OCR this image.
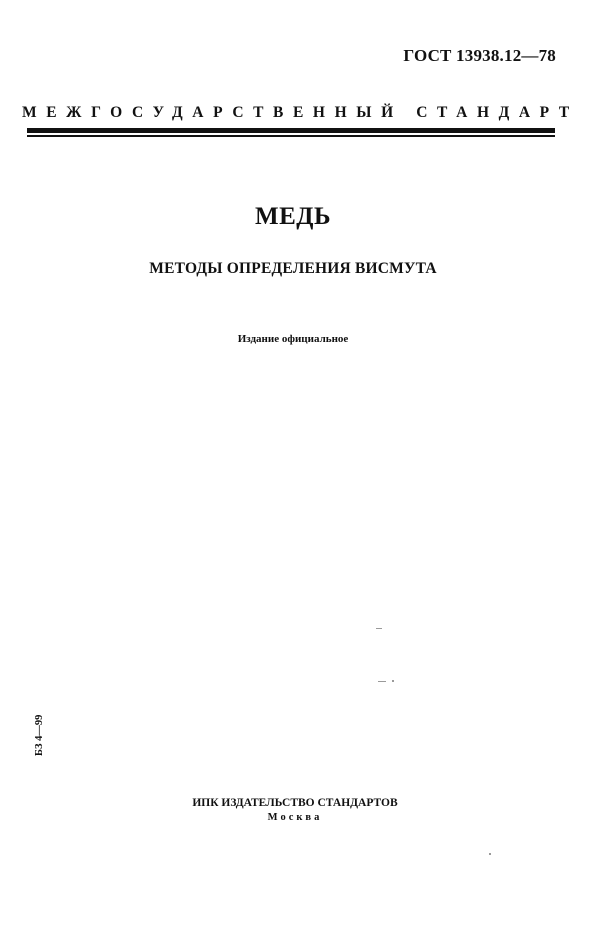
ГОСТ 13938.12—78
МЕЖГОСУДАРСТВЕННЫЙ СТАНДАРТ
МЕДЬ
МЕТОДЫ ОПРЕДЕЛЕНИЯ ВИСМУТА
Издание официальное
БЗ 4—99
ИПК ИЗДАТЕЛЬСТВО СТАНДАРТОВ
Москва
